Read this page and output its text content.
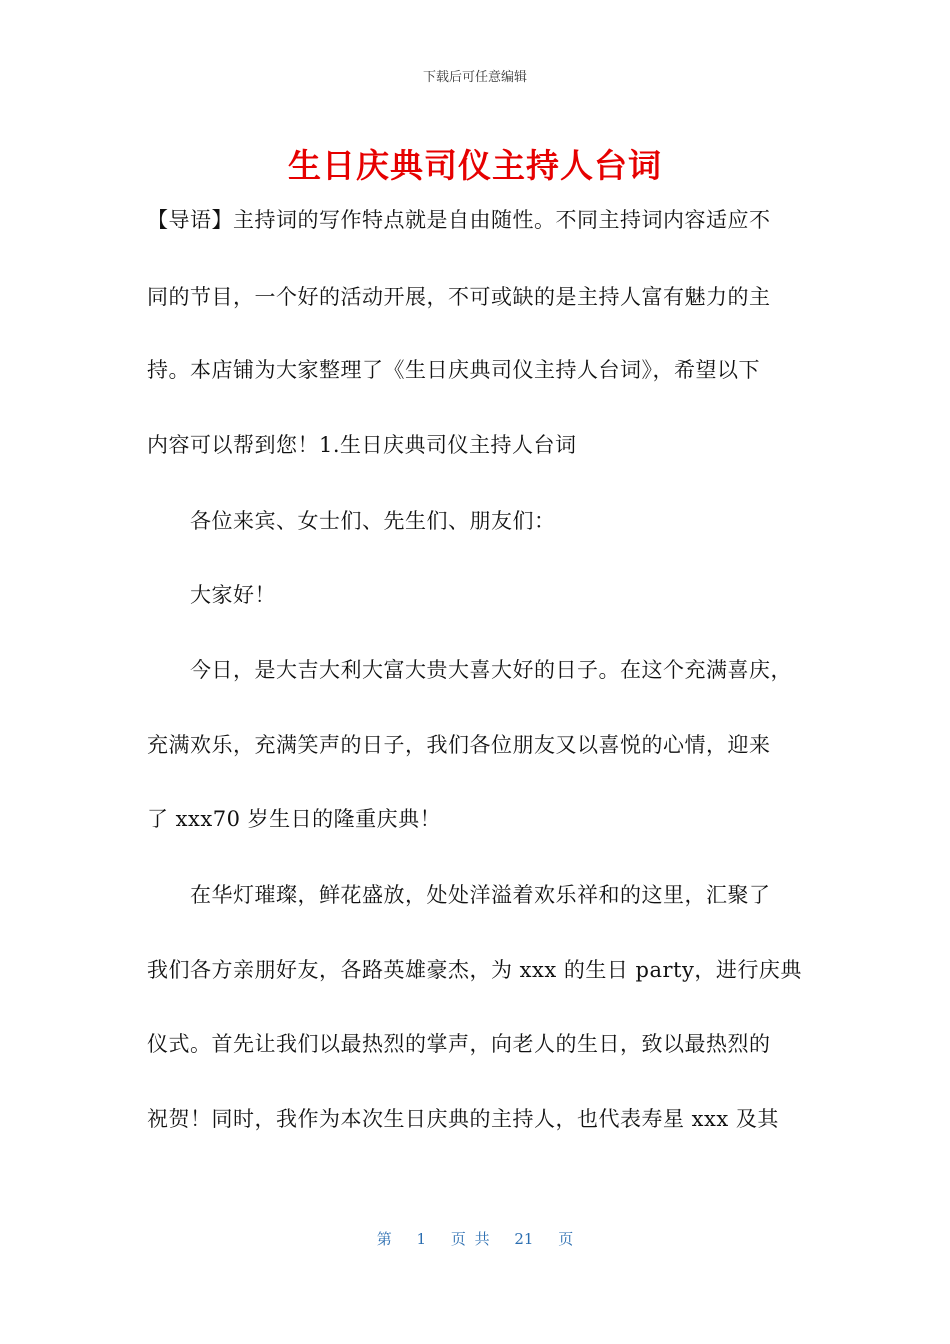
下载后可任意编辑
生日庆典司仪主持人台词
【导语】主持词的写作特点就是自由随性。不同主持词内容适应不
同的节目，一个好的活动开展，不可或缺的是主持人富有魅力的主
持。本店铺为大家整理了《生日庆典司仪主持人台词》，希望以下
内容可以帮到您！1.生日庆典司仪主持人台词
各位来宾、女士们、先生们、朋友们：
大家好！
今日，是大吉大利大富大贵大喜大好的日子。在这个充满喜庆，
充满欢乐，充满笑声的日子，我们各位朋友又以喜悦的心情，迎来
了 xxx70 岁生日的隆重庆典！
在华灯璀璨，鲜花盛放，处处洋溢着欢乐祥和的这里，汇聚了
我们各方亲朋好友，各路英雄豪杰，为 xxx 的生日 party，进行庆典
仪式。首先让我们以最热烈的掌声，向老人的生日，致以最热烈的
祝贺！同时，我作为本次生日庆典的主持人，也代表寿星 xxx 及其
第 1 页 共 21 页
